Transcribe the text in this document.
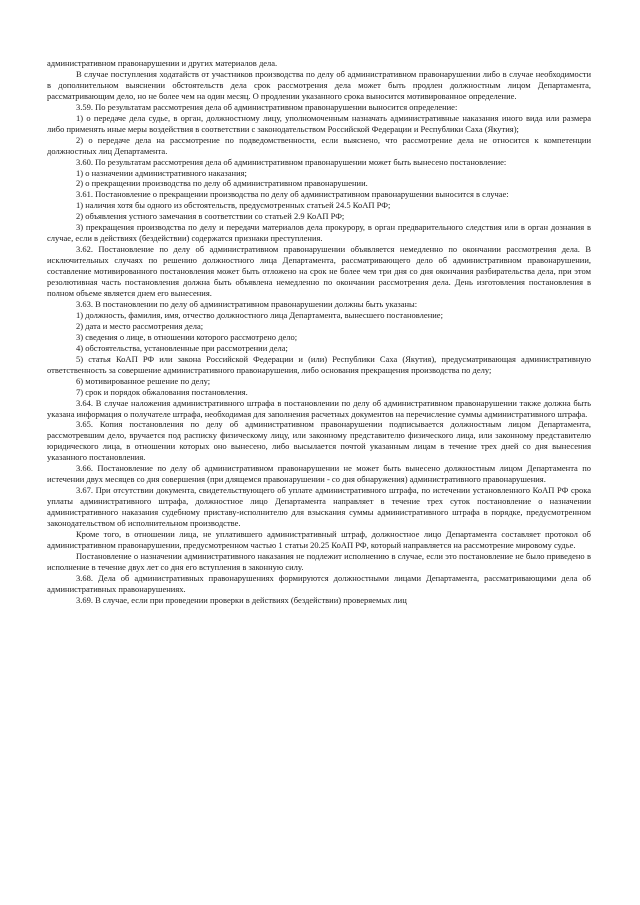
административном правонарушении и других материалов дела.

В случае поступления ходатайств от участников производства по делу об административном правонарушении либо в случае необходимости в дополнительном выяснении обстоятельств дела срок рассмотрения дела может быть продлен должностным лицом Департамента, рассматривающим дело, но не более чем на один месяц. О продлении указанного срока выносится мотивированное определение.

3.59. По результатам рассмотрения дела об административном правонарушении выносится определение:

1) о передаче дела судье, в орган, должностному лицу, уполномоченным назначать административные наказания иного вида или размера либо применять иные меры воздействия в соответствии с законодательством Российской Федерации и Республики Саха (Якутия);

2) о передаче дела на рассмотрение по подведомственности, если выяснено, что рассмотрение дела не относится к компетенции должностных лиц Департамента.

3.60. По результатам рассмотрения дела об административном правонарушении может быть вынесено постановление:

1) о назначении административного наказания;

2) о прекращении производства по делу об административном правонарушении.

3.61. Постановление о прекращении производства по делу об административном правонарушении выносится в случае:

1) наличия хотя бы одного из обстоятельств, предусмотренных статьей 24.5 КоАП РФ;

2) объявления устного замечания в соответствии со статьей 2.9 КоАП РФ;

3) прекращения производства по делу и передачи материалов дела прокурору, в орган предварительного следствия или в орган дознания в случае, если в действиях (бездействии) содержатся признаки преступления.

3.62. Постановление по делу об административном правонарушении объявляется немедленно по окончании рассмотрения дела. В исключительных случаях по решению должностного лица Департамента, рассматривающего дело об административном правонарушении, составление мотивированного постановления может быть отложено на срок не более чем три дня со дня окончания разбирательства дела, при этом резолютивная часть постановления должна быть объявлена немедленно по окончании рассмотрения дела. День изготовления постановления в полном объеме является днем его вынесения.

3.63. В постановлении по делу об административном правонарушении должны быть указаны:

1) должность, фамилия, имя, отчество должностного лица Департамента, вынесшего постановление;

2) дата и место рассмотрения дела;

3) сведения о лице, в отношении которого рассмотрено дело;

4) обстоятельства, установленные при рассмотрении дела;

5) статья КоАП РФ или закона Российской Федерации и (или) Республики Саха (Якутия), предусматривающая административную ответственность за совершение административного правонарушения, либо основания прекращения производства по делу;

6) мотивированное решение по делу;

7) срок и порядок обжалования постановления.

3.64. В случае наложения административного штрафа в постановлении по делу об административном правонарушении также должна быть указана информация о получателе штрафа, необходимая для заполнения расчетных документов на перечисление суммы административного штрафа.

3.65. Копия постановления по делу об административном правонарушении подписывается должностным лицом Департамента, рассмотревшим дело, вручается под расписку физическому лицу, или законному представителю физического лица, или законному представителю юридического лица, в отношении которых оно вынесено, либо высылается почтой указанным лицам в течение трех дней со дня вынесения указанного постановления.

3.66. Постановление по делу об административном правонарушении не может быть вынесено должностным лицом Департамента по истечении двух месяцев со дня совершения (при длящемся правонарушении - со дня обнаружения) административного правонарушения.

3.67. При отсутствии документа, свидетельствующего об уплате административного штрафа, по истечении установленного КоАП РФ срока уплаты административного штрафа, должностное лицо Департамента направляет в течение трех суток постановление о назначении административного наказания судебному приставу-исполнителю для взыскания суммы административного штрафа в порядке, предусмотренном законодательством об исполнительном производстве.

Кроме того, в отношении лица, не уплатившего административный штраф, должностное лицо Департамента составляет протокол об административном правонарушении, предусмотренном частью 1 статьи 20.25 КоАП РФ, который направляется на рассмотрение мировому судье.

Постановление о назначении административного наказания не подлежит исполнению в случае, если это постановление не было приведено в исполнение в течение двух лет со дня его вступления в законную силу.

3.68. Дела об административных правонарушениях формируются должностными лицами Департамента, рассматривающими дела об административных правонарушениях.

3.69. В случае, если при проведении проверки в действиях (бездействии) проверяемых лиц
